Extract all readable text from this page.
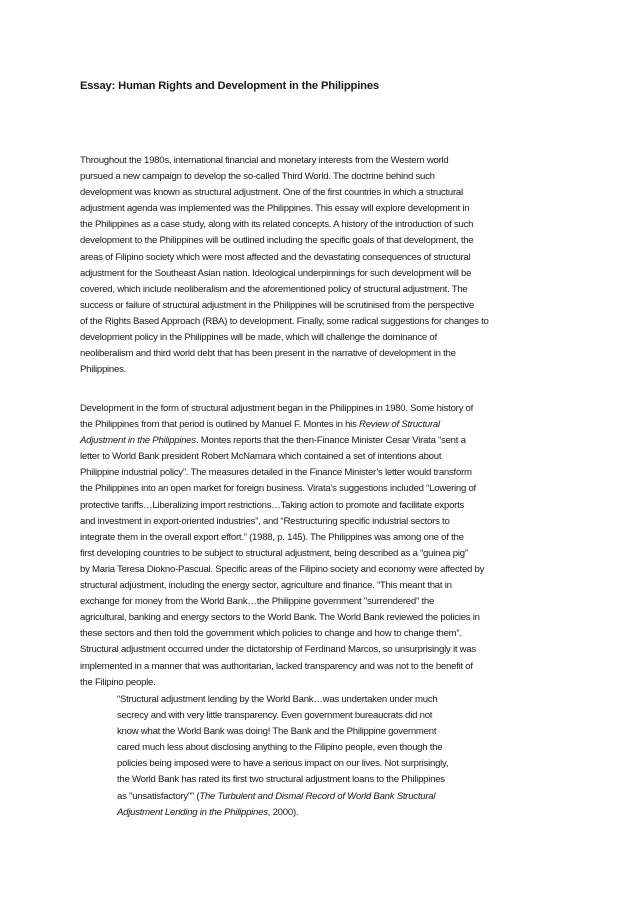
Essay: Human Rights and Development in the Philippines

Throughout the 1980s, international financial and monetary interests from the Western world
pursued a new campaign to develop the so-called Third World. The doctrine behind such
development was known as structural adjustment. One of the first countries in which a structural
adjustment agenda was implemented was the Philippines. This essay will explore development in
the Philippines as a case study, along with its related concepts. A history of the introduction of such
development to the Philippines will be outlined including the specific goals of that development, the
areas of Filipino society which were most affected and the devastating consequences of structural
adjustment for the Southeast Asian nation. Ideological underpinnings for such development will be
covered, which include neoliberalism and the aforementioned policy of structural adjustment. The
success or failure of structural adjustment in the Philippines will be scrutinised from the perspective
of the Rights Based Approach (RBA) to development. Finally, some radical suggestions for changes to
development policy in the Philippines will be made, which will challenge the dominance of
neoliberalism and third world debt that has been present in the narrative of development in the
Philippines.

Development in the form of structural adjustment began in the Philippines in 1980. Some history of
the Philippines from that period is outlined by Manuel F. Montes in his Review of Structural
Adjustment in the Philippines. Montes reports that the then-Finance Minister Cesar Virata “sent a
letter to World Bank president Robert McNamara which contained a set of intentions about
Philippine industrial policy”. The measures detailed in the Finance Minister’s letter would transform
the Philippines into an open market for foreign business. Virata’s suggestions included “Lowering of
protective tariffs…Liberalizing import restrictions…Taking action to promote and facilitate exports
and investment in export-oriented industries”, and “Restructuring specific industrial sectors to
integrate them in the overall export effort.” (1988, p. 145). The Philippines was among one of the
first developing countries to be subject to structural adjustment, being described as a “guinea pig”
by Maria Teresa Diokno-Pascual. Specific areas of the Filipino society and economy were affected by
structural adjustment, including the energy sector, agriculture and finance. “This meant that in
exchange for money from the World Bank…the Philippine government "surrendered" the
agricultural, banking and energy sectors to the World Bank. The World Bank reviewed the policies in
these sectors and then told the government which policies to change and how to change them”.
Structural adjustment occurred under the dictatorship of Ferdinand Marcos, so unsurprisingly it was
implemented in a manner that was authoritarian, lacked transparency and was not to the benefit of
the Filipino people.

“Structural adjustment lending by the World Bank…was undertaken under much
secrecy and with very little transparency. Even government bureaucrats did not
know what the World Bank was doing! The Bank and the Philippine government
cared much less about disclosing anything to the Filipino people, even though the
policies being imposed were to have a serious impact on our lives. Not surprisingly,
the World Bank has rated its first two structural adjustment loans to the Philippines
as "unsatisfactory"” (The Turbulent and Dismal Record of World Bank Structural
Adjustment Lending in the Philippines, 2000).
